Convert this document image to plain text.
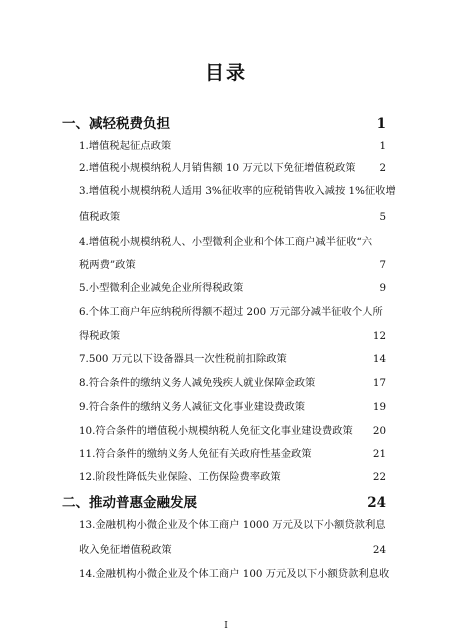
目录
一、减轻税费负担	1
1.增值税起征点政策	1
2.增值税小规模纳税人月销售额 10 万元以下免征增值税政策 2
3.增值税小规模纳税人适用 3%征收率的应税销售收入减按 1%征收增
值税政策	5
4.增值税小规模纳税人、小型微利企业和个体工商户减半征收“六
税两费”政策	7
5.小型微利企业减免企业所得税政策	9
6.个体工商户年应纳税所得额不超过 200 万元部分减半征收个人所
得税政策	12
7.500 万元以下设备器具一次性税前扣除政策	14
8.符合条件的缴纳义务人减免残疾人就业保障金政策	17
9.符合条件的缴纳义务人减征文化事业建设费政策	19
10.符合条件的增值税小规模纳税人免征文化事业建设费政策 20
11.符合条件的缴纳义务人免征有关政府性基金政策	21
12.阶段性降低失业保险、工伤保险费率政策	22
二、推动普惠金融发展	24
13.金融机构小微企业及个体工商户 1000 万元及以下小额贷款利息
收入免征增值税政策	24
14.金融机构小微企业及个体工商户 100 万元及以下小额贷款利息收
I
